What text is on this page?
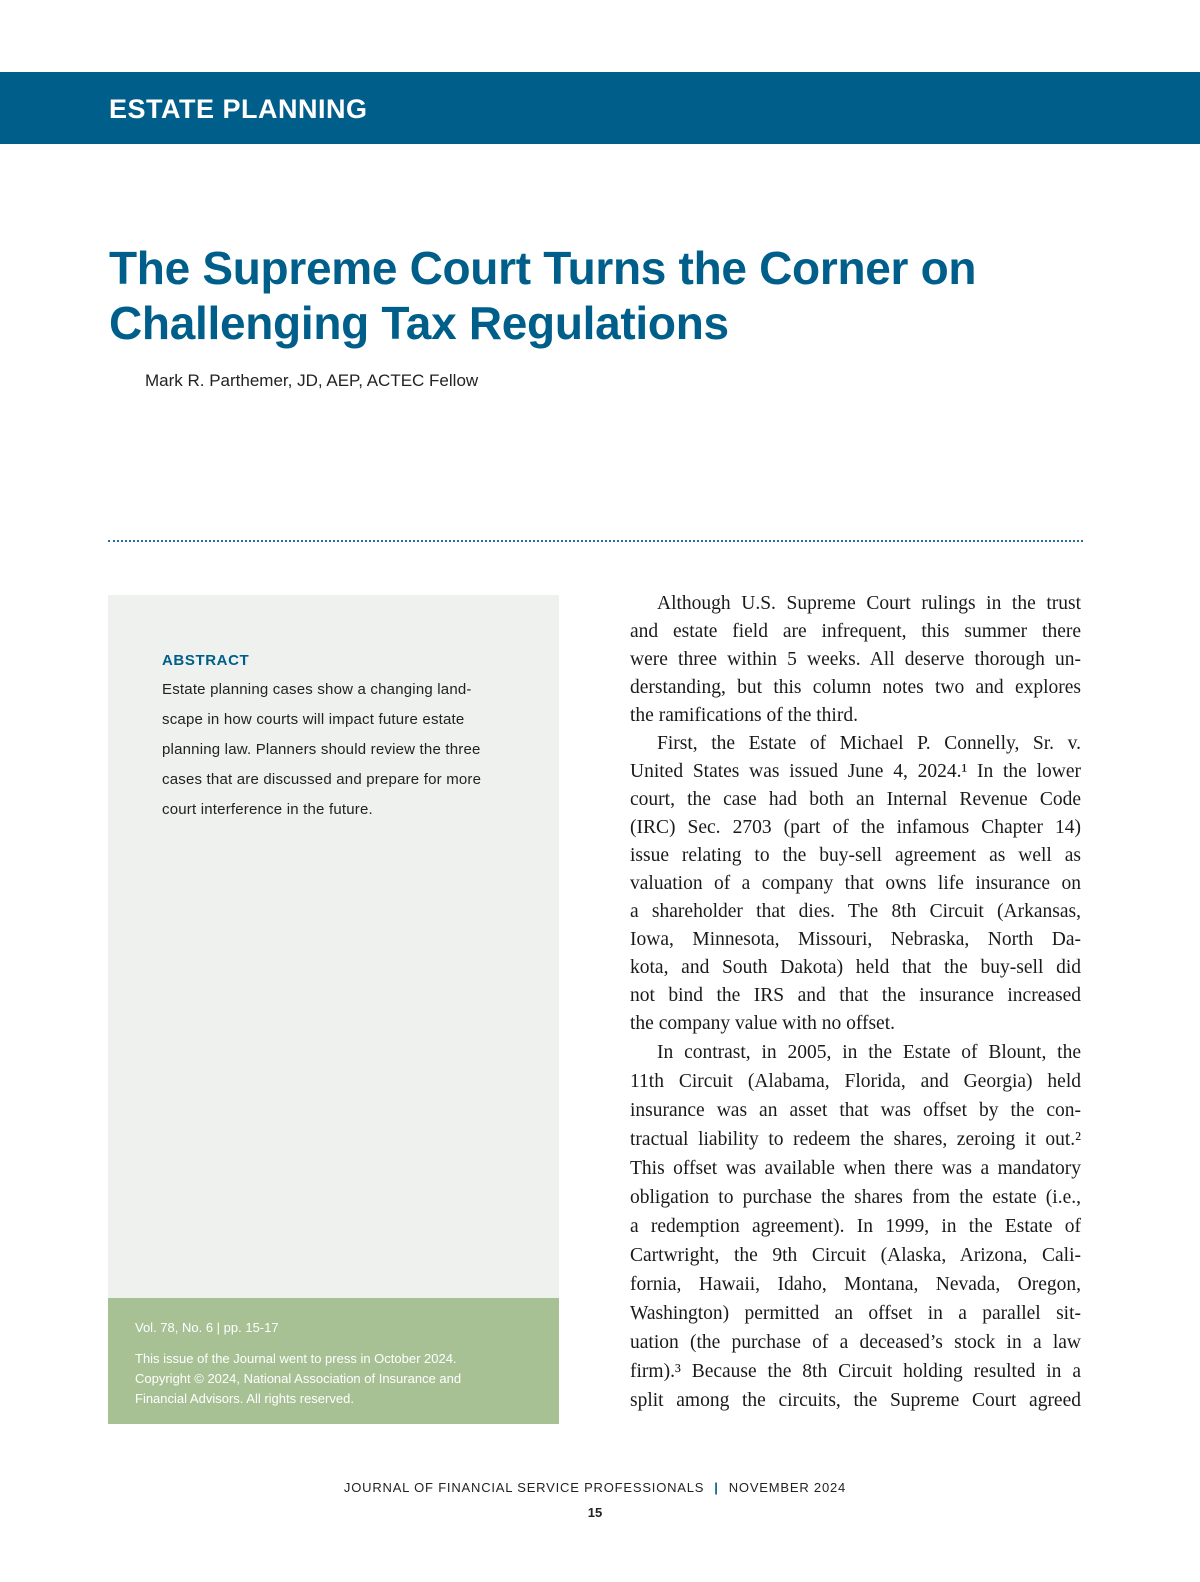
ESTATE PLANNING
The Supreme Court Turns the Corner on
Challenging Tax Regulations
Mark R. Parthemer, JD, AEP, ACTEC Fellow
ABSTRACT
Estate planning cases show a changing land-
scape in how courts will impact future estate
planning law. Planners should review the three
cases that are discussed and prepare for more
court interference in the future.
Vol. 78, No. 6 | pp. 15-17
This issue of the Journal went to press in October 2024.
Copyright © 2024, National Association of Insurance and
Financial Advisors. All rights reserved.
Although U.S. Supreme Court rulings in the trust
and estate field are infrequent, this summer there
were three within 5 weeks. All deserve thorough un-
derstanding, but this column notes two and explores
the ramifications of the third.
First, the Estate of Michael P. Connelly, Sr. v.
United States was issued June 4, 2024.¹ In the lower
court, the case had both an Internal Revenue Code
(IRC) Sec. 2703 (part of the infamous Chapter 14)
issue relating to the buy-sell agreement as well as
valuation of a company that owns life insurance on
a shareholder that dies. The 8th Circuit (Arkansas,
Iowa, Minnesota, Missouri, Nebraska, North Da-
kota, and South Dakota) held that the buy-sell did
not bind the IRS and that the insurance increased
the company value with no offset.
In contrast, in 2005, in the Estate of Blount, the
11th Circuit (Alabama, Florida, and Georgia) held
insurance was an asset that was offset by the con-
tractual liability to redeem the shares, zeroing it out.²
This offset was available when there was a mandatory
obligation to purchase the shares from the estate (i.e.,
a redemption agreement). In 1999, in the Estate of
Cartwright, the 9th Circuit (Alaska, Arizona, Cali-
fornia, Hawaii, Idaho, Montana, Nevada, Oregon,
Washington) permitted an offset in a parallel sit-
uation (the purchase of a deceased’s stock in a law
firm).³ Because the 8th Circuit holding resulted in a
split among the circuits, the Supreme Court agreed
JOURNAL OF FINANCIAL SERVICE PROFESSIONALS | NOVEMBER 2024
15
